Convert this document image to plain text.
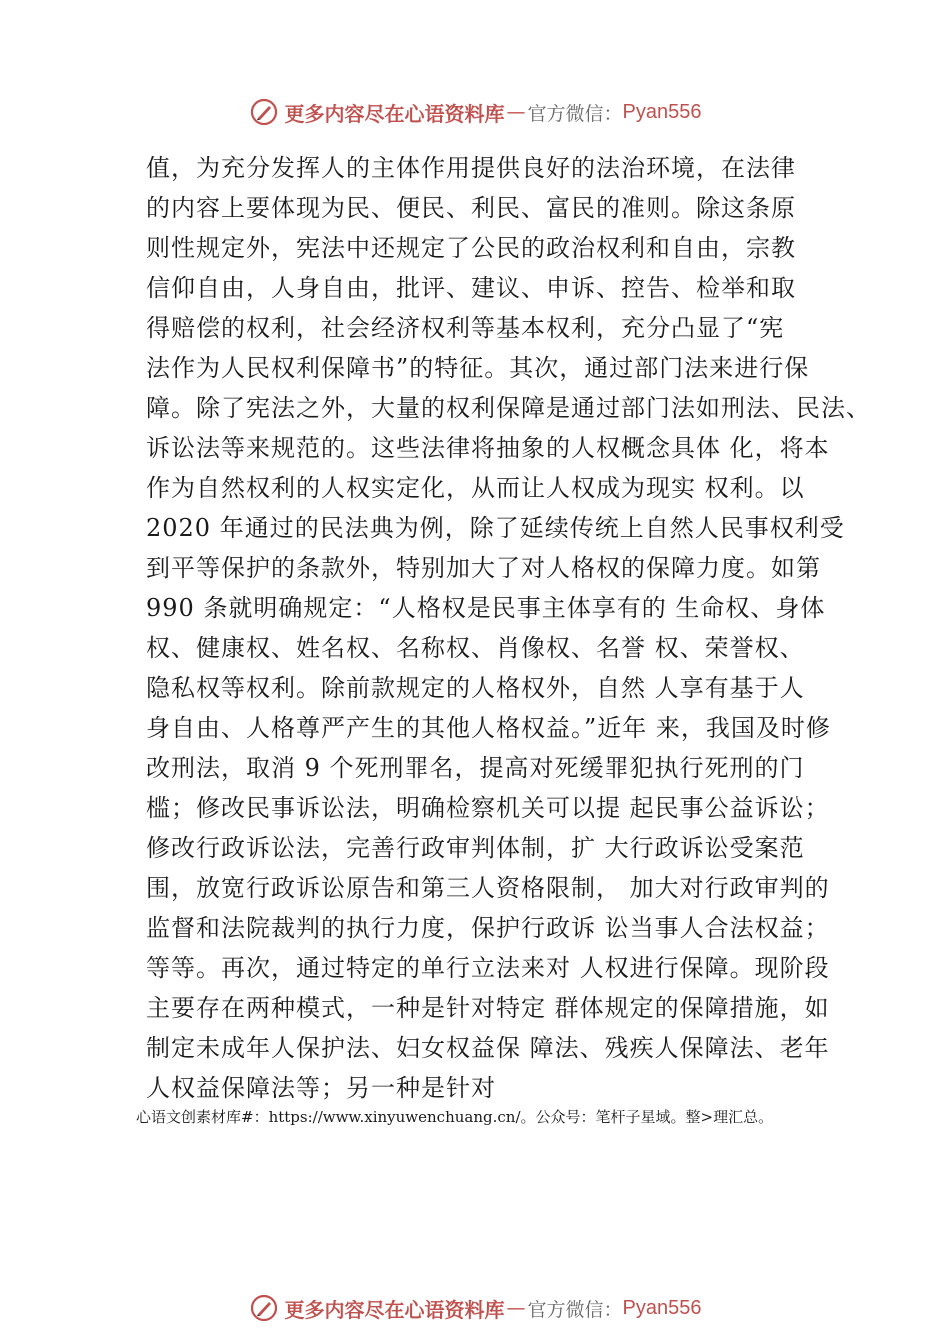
更多内容尽在心语资料库 — 官方微信： Pyan556
值，为充分发挥人的主体作用提供良好的法治环境，在法律
的内容上要体现为民、便民、利民、富民的准则。除这条原
则性规定外，宪法中还规定了公民的政治权利和自由，宗教
信仰自由，人身自由，批评、建议、申诉、控告、检举和取
得赔偿的权利，社会经济权利等基本权利，充分凸显了“宪
法作为人民权利保障书”的特征。其次，通过部门法来进行保
障。除了宪法之外，大量的权利保障是通过部门法如刑法、民法、
诉讼法等来规范的。这些法律将抽象的人权概念具体 化，将本
作为自然权利的人权实定化，从而让人权成为现实 权利。以
2020 年通过的民法典为例，除了延续传统上自然人民事权利受
到平等保护的条款外，特别加大了对人格权的保障力度。如第
990 条就明确规定：“人格权是民事主体享有的 生命权、身体
权、健康权、姓名权、名称权、肖像权、名誉 权、荣誉权、
隐私权等权利。除前款规定的人格权外，自然 人享有基于人
身自由、人格尊严产生的其他人格权益。”近年 来，我国及时修
改刑法，取消 9 个死刑罪名，提高对死缓罪犯执行死刑的门
槛；修改民事诉讼法，明确检察机关可以提 起民事公益诉讼；
修改行政诉讼法，完善行政审判体制，扩 大行政诉讼受案范
围，放宽行政诉讼原告和第三人资格限制， 加大对行政审判的
监督和法院裁判的执行力度，保护行政诉 讼当事人合法权益；
等等。再次，通过特定的单行立法来对 人权进行保障。现阶段
主要存在两种模式，一种是针对特定 群体规定的保障措施，如
制定未成年人保护法、妇女权益保 障法、残疾人保障法、老年
人权益保障法等；另一种是针对
心语文创素材库#：https://www.xinyuwenchuang.cn/。公众号：笔杆子星域。整>理汇总。
更多内容尽在心语资料库 — 官方微信： Pyan556
